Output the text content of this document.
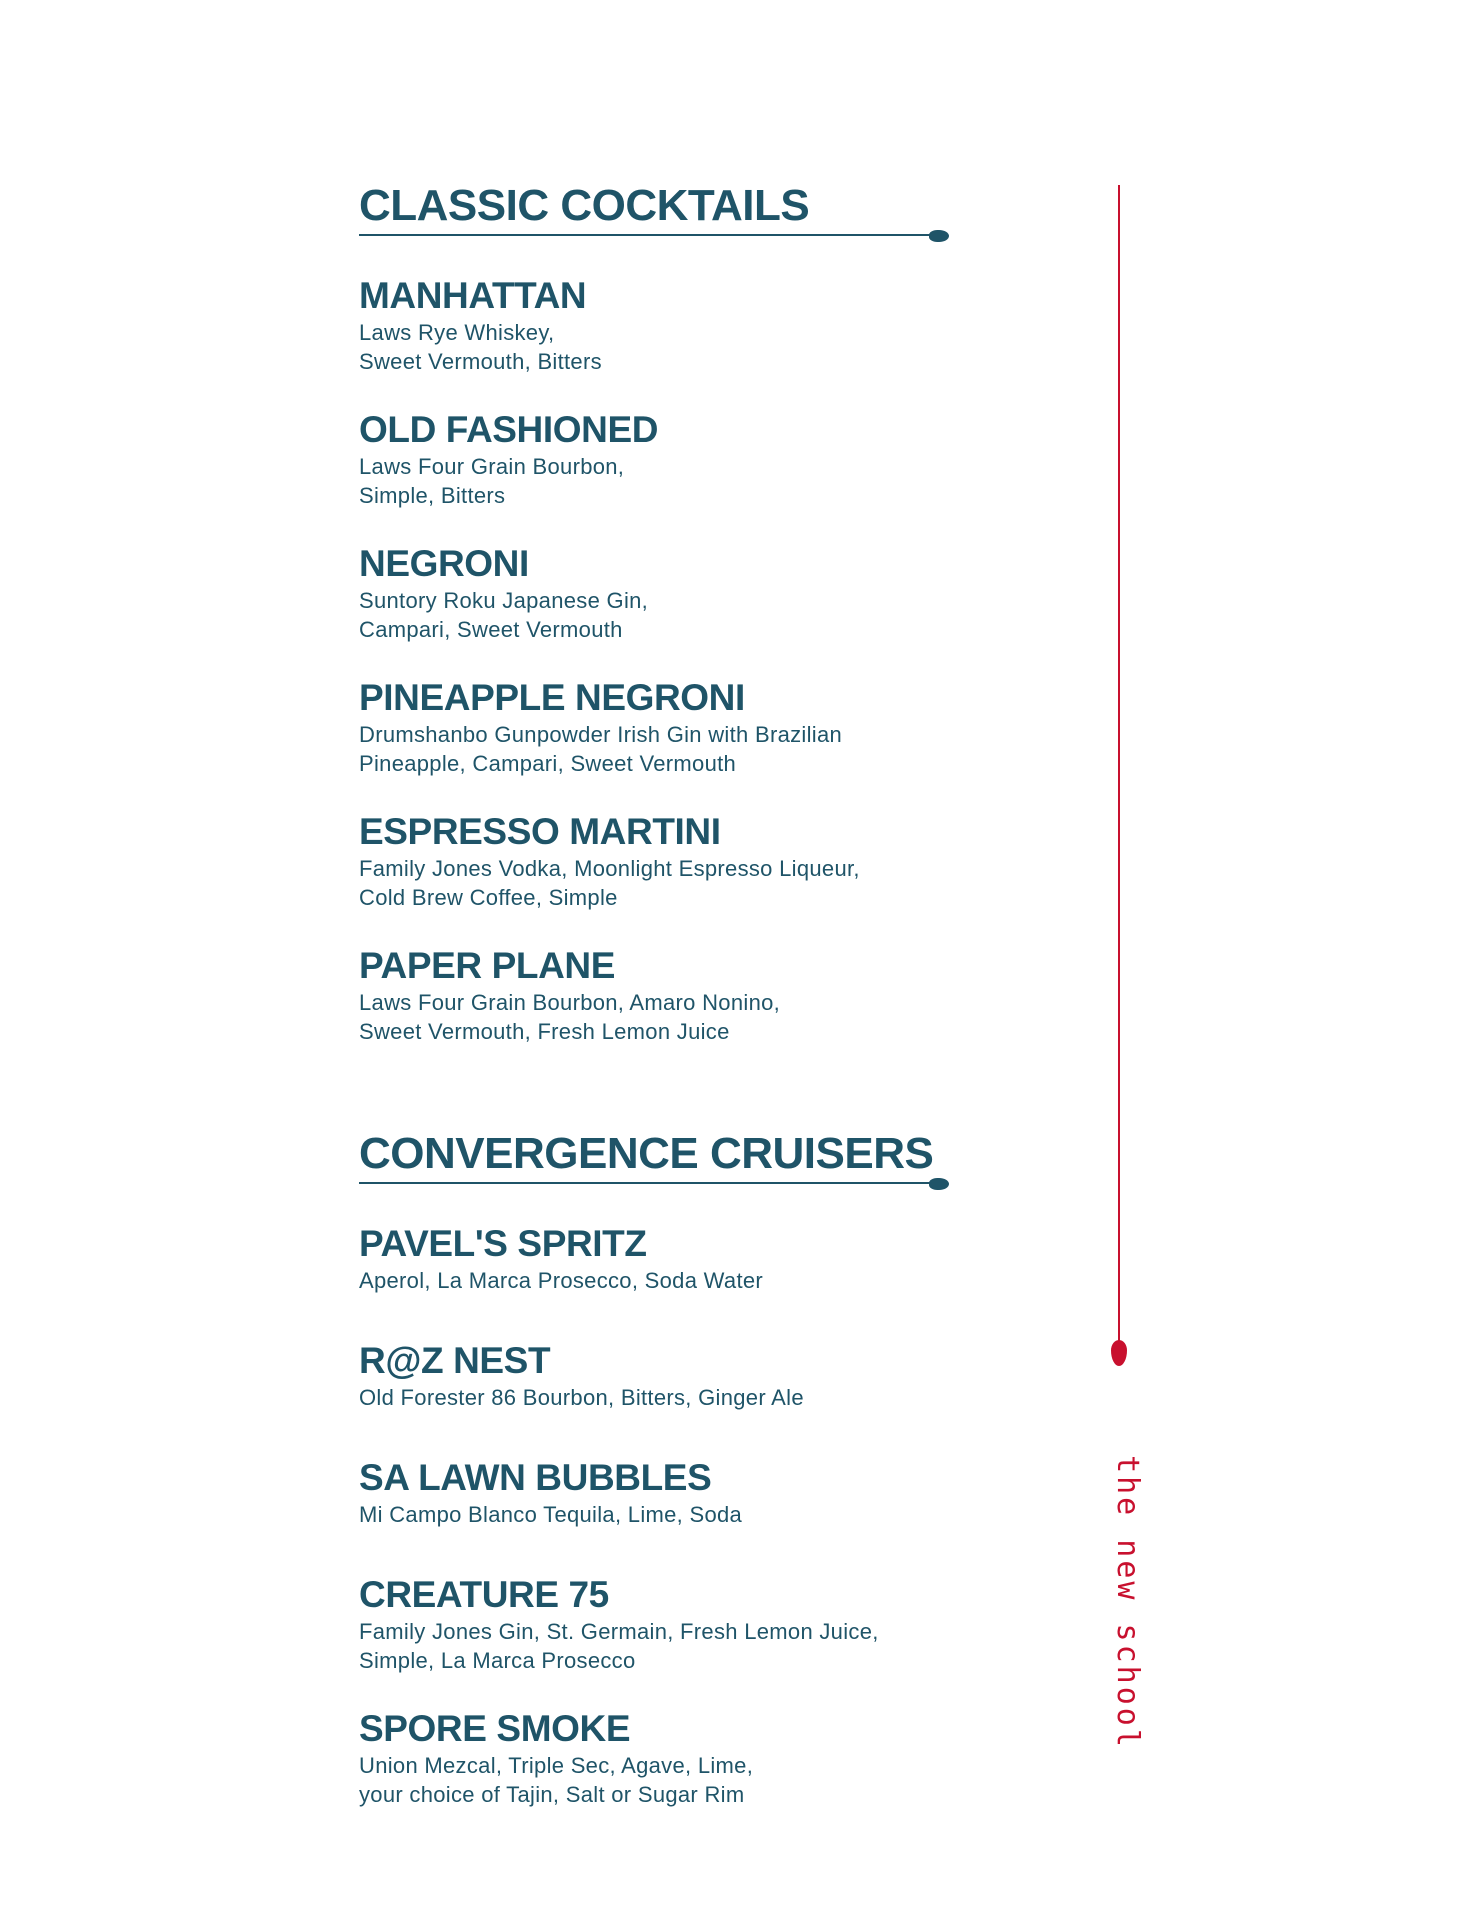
CLASSIC COCKTAILS
MANHATTAN

Laws Rye Whiskey,
Sweet Vermouth, Bitters

OLD FASHIONED

Laws Four Grain Bourbon,
Simple, Bitters

NEGRONI

Suntory Roku Japanese Gin,
Campari, Sweet Vermouth

PINEAPPLE NEGRONI

Drumshanbo Gunpowder Irish Gin with Brazilian
Pineapple, Campari, Sweet Vermouth

ESPRESSO MARTINI

Family Jones Vodka, Moonlight Espresso Liqueur,
Cold Brew Coffee, Simple

PAPER PLANE

Laws Four Grain Bourbon, Amaro Nonino,
Sweet Vermouth, Fresh Lemon Juice

CONVERGENCE CRUISERS
PAVEL'S SPRITZ

Aperol, La Marca Prosecco, Soda Water

R@Z NEST

Old Forester 86 Bourbon, Bitters, Ginger Ale

SA LAWN BUBBLES

Mi Campo Blanco Tequila, Lime, Soda

CREATURE 75

Family Jones Gin, St. Germain, Fresh Lemon Juice,
Simple, La Marca Prosecco

SPORE SMOKE

Union Mezcal, Triple Sec, Agave, Lime,
your choice of Tajin, Salt or Sugar Rim

the new school
